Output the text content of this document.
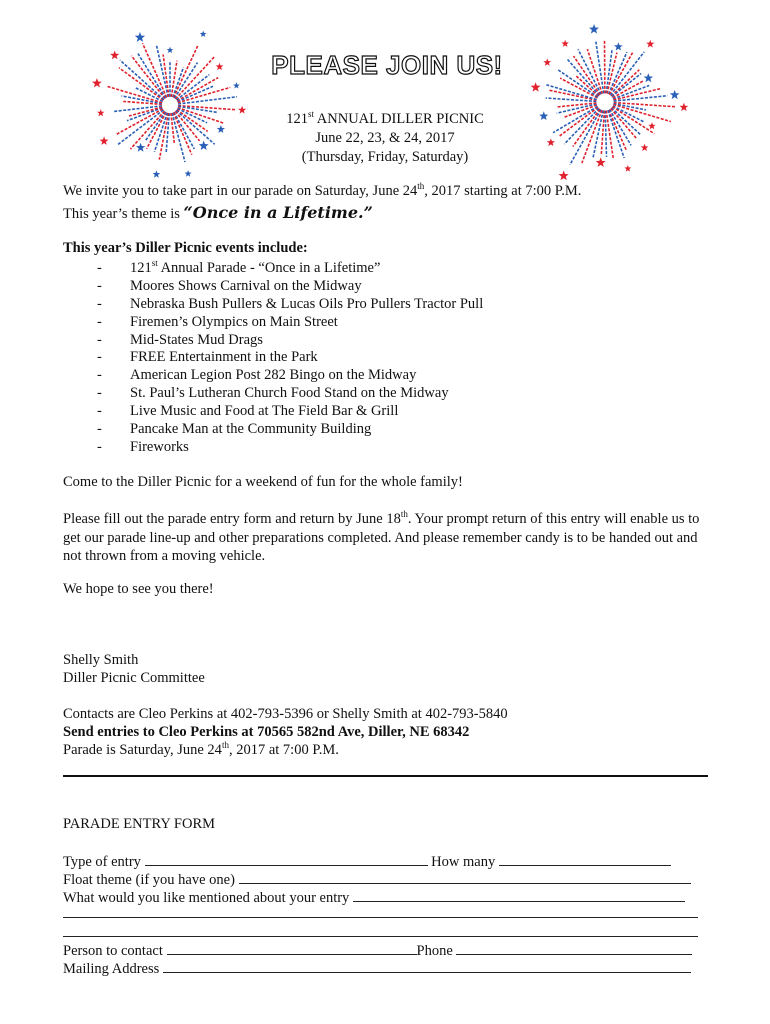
PLEASE JOIN US!
121st ANNUAL DILLER PICNIC
June 22, 23, & 24, 2017
(Thursday, Friday, Saturday)
We invite you to take part in our parade on Saturday, June 24th, 2017 starting at 7:00 P.M.
This year’s theme is “Once in a Lifetime.”
This year’s Diller Picnic events include:
- 121st Annual Parade - “Once in a Lifetime”
- Moores Shows Carnival on the Midway
- Nebraska Bush Pullers & Lucas Oils Pro Pullers Tractor Pull
- Firemen’s Olympics on Main Street
- Mid-States Mud Drags
- FREE Entertainment in the Park
- American Legion Post 282 Bingo on the Midway
- St. Paul’s Lutheran Church Food Stand on the Midway
- Live Music and Food at The Field Bar & Grill
- Pancake Man at the Community Building
- Fireworks
Come to the Diller Picnic for a weekend of fun for the whole family!
Please fill out the parade entry form and return by June 18th. Your prompt return of this entry will enable us to get our parade line-up and other preparations completed. And please remember candy is to be handed out and not thrown from a moving vehicle.
We hope to see you there!
Shelly Smith
Diller Picnic Committee
Contacts are Cleo Perkins at 402-793-5396 or Shelly Smith at 402-793-5840
Send entries to Cleo Perkins at 70565 582nd Ave, Diller, NE 68342
Parade is Saturday, June 24th, 2017 at 7:00 P.M.
PARADE ENTRY FORM
Type of entry	How many
Float theme (if you have one)
What would you like mentioned about your entry
Person to contact	Phone
Mailing Address
